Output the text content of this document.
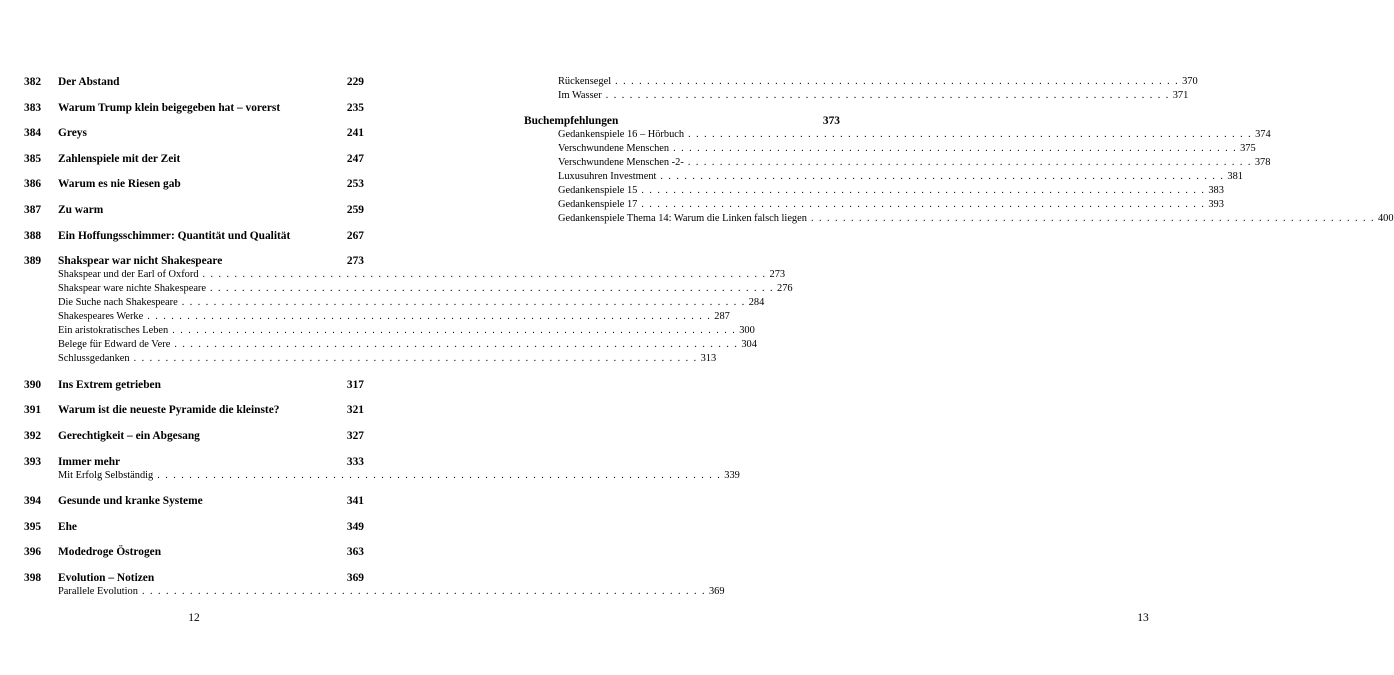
382 Der Abstand	229
383 Warum Trump klein beigegeben hat – vorerst	235
384 Greys	241
385 Zahlenspiele mit der Zeit	247
386 Warum es nie Riesen gab	253
387 Zu warm	259
388 Ein Hoffungsschimmer: Quantität und Qualität	267
389 Shakspear war nicht Shakespeare	273
Shakspear und der Earl of Oxford . . .	273
Shakspear ware nichte Shakespeare . . .	276
Die Suche nach Shakespeare . . .	284
Shakespeares Werke . . .	287
Ein aristokratisches Leben . . .	300
Belege für Edward de Vere . . .	304
Schlussgedanken . . .	313
390 Ins Extrem getrieben	317
391 Warum ist die neueste Pyramide die kleinste?	321
392 Gerechtigkeit – ein Abgesang	327
393 Immer mehr	333
Mit Erfolg Selbständig . . .	339
394 Gesunde und kranke Systeme	341
395 Ehe	349
396 Modedroge Östrogen	363
398 Evolution – Notizen	369
Parallele Evolution . . .	369
12
Rückensegel . . .	370
Im Wasser . . .	371
Buchempfehlungen	373
Gedankenspiele 16 – Hörbuch . . .	374
Verschwundene Menschen . . .	375
Verschwundene Menschen -2- . . .	378
Luxusuhren Investment . . .	381
Gedankenspiele 15 . . .	383
Gedankenspiele 17 . . .	393
Gedankenspiele Thema 14: Warum die Linken falsch liegen . . .	400
13
